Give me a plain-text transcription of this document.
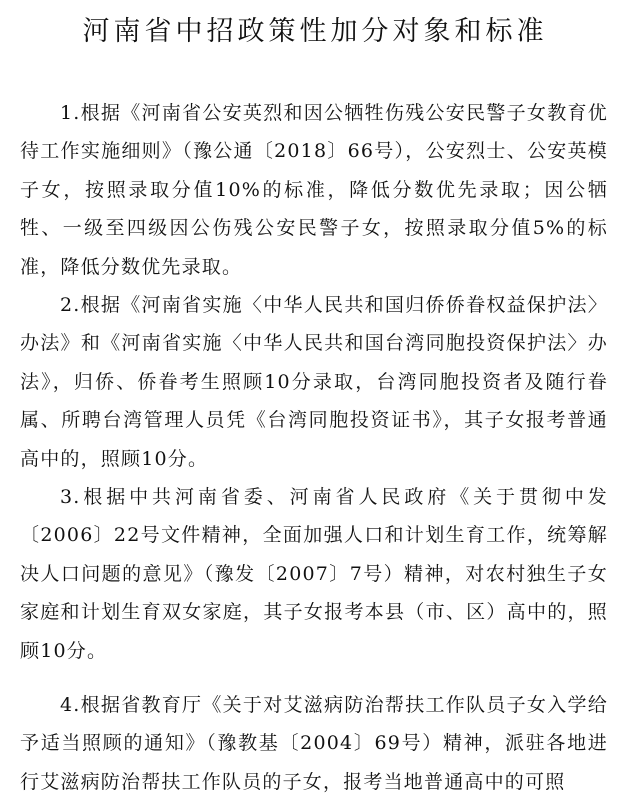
河南省中招政策性加分对象和标准

1.根据《河南省公安英烈和因公牺牲伤残公安民警子女教育优待工作实施细则》（豫公通〔2018〕66号），公安烈士、公安英模子女，按照录取分值10%的标准，降低分数优先录取；因公牺牲、一级至四级因公伤残公安民警子女，按照录取分值5%的标准，降低分数优先录取。

2.根据《河南省实施〈中华人民共和国归侨侨眷权益保护法〉办法》和《河南省实施〈中华人民共和国台湾同胞投资保护法〉办法》，归侨、侨眷考生照顾10分录取，台湾同胞投资者及随行眷属、所聘台湾管理人员凭《台湾同胞投资证书》，其子女报考普通高中的，照顾10分。

3.根据中共河南省委、河南省人民政府《关于贯彻中发〔2006〕22号文件精神，全面加强人口和计划生育工作，统筹解决人口问题的意见》（豫发〔2007〕7号）精神，对农村独生子女家庭和计划生育双女家庭，其子女报考本县（市、区）高中的，照顾10分。

4.根据省教育厅《关于对艾滋病防治帮扶工作队员子女入学给予适当照顾的通知》（豫教基〔2004〕69号）精神，派驻各地进行艾滋病防治帮扶工作队员的子女，报考当地普通高中的可照
